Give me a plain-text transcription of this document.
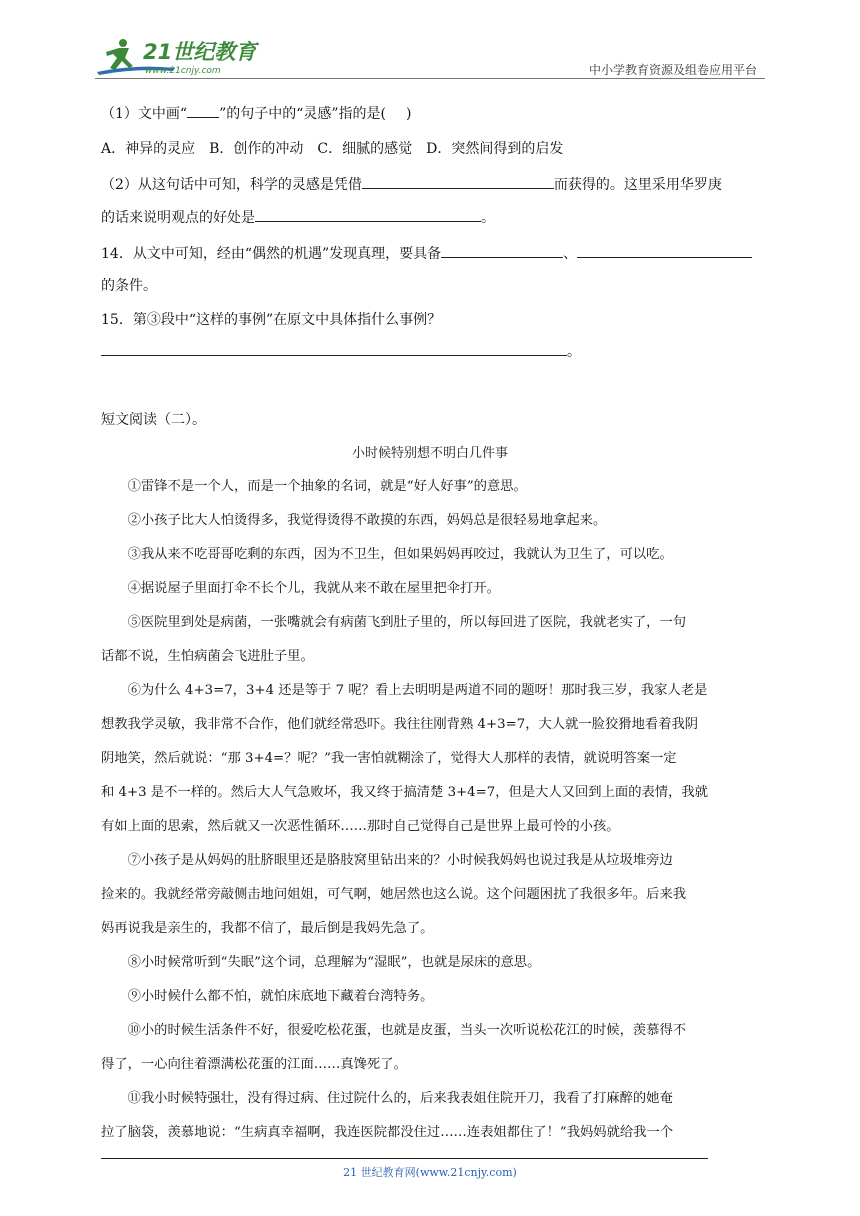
21世纪教育
www.21cnjy.com	中小学教育资源及组卷应用平台
（1）文中画“ ”的句子中的“灵感”指的是( )
A．神异的灵应　B．创作的冲动　C．细腻的感觉　D．突然间得到的启发
（2）从这句话中可知，科学的灵感是凭借	而获得的。这里采用华罗庚
的话来说明观点的好处是	。
14．从文中可知，经由“偶然的机遇”发现真理，要具备	、
的条件。
15．第③段中“这样的事例”在原文中具体指什么事例？
。
短文阅读（二）。
小时候特别想不明白几件事
①雷锋不是一个人，而是一个抽象的名词，就是“好人好事”的意思。
②小孩子比大人怕烫得多，我觉得烫得不敢摸的东西，妈妈总是很轻易地拿起来。
③我从来不吃哥哥吃剩的东西，因为不卫生，但如果妈妈再咬过，我就认为卫生了，可以吃。
④据说屋子里面打伞不长个儿，我就从来不敢在屋里把伞打开。
⑤医院里到处是病菌，一张嘴就会有病菌飞到肚子里的，所以每回进了医院，我就老实了，一句
话都不说，生怕病菌会飞进肚子里。
⑥为什么 4+3=7，3+4 还是等于 7 呢？看上去明明是两道不同的题呀！那时我三岁，我家人老是
想教我学灵敏，我非常不合作，他们就经常恐吓。我往往刚背熟 4+3=7，大人就一脸狡猾地看着我阴
阴地笑，然后就说：“那 3+4=？呢？”我一害怕就糊涂了，觉得大人那样的表情，就说明答案一定
和 4+3 是不一样的。然后大人气急败坏，我又终于搞清楚 3+4=7，但是大人又回到上面的表情，我就
有如上面的思索，然后就又一次恶性循环……那时自己觉得自己是世界上最可怜的小孩。
⑦小孩子是从妈妈的肚脐眼里还是胳肢窝里钻出来的？小时候我妈妈也说过我是从垃圾堆旁边
捡来的。我就经常旁敲侧击地问姐姐，可气啊，她居然也这么说。这个问题困扰了我很多年。后来我
妈再说我是亲生的，我都不信了，最后倒是我妈先急了。
⑧小时候常听到“失眠”这个词，总理解为“湿眠”，也就是尿床的意思。
⑨小时候什么都不怕，就怕床底地下藏着台湾特务。
⑩小的时候生活条件不好，很爱吃松花蛋，也就是皮蛋，当头一次听说松花江的时候，羡慕得不
得了，一心向往着漂满松花蛋的江面……真馋死了。
⑪我小时候特强壮，没有得过病、住过院什么的，后来我表姐住院开刀，我看了打麻醉的她奄
拉了脑袋，羡慕地说：“生病真幸福啊，我连医院都没住过……连表姐都住了！”我妈妈就给我一个
21 世纪教育网(www.21cnjy.com)
